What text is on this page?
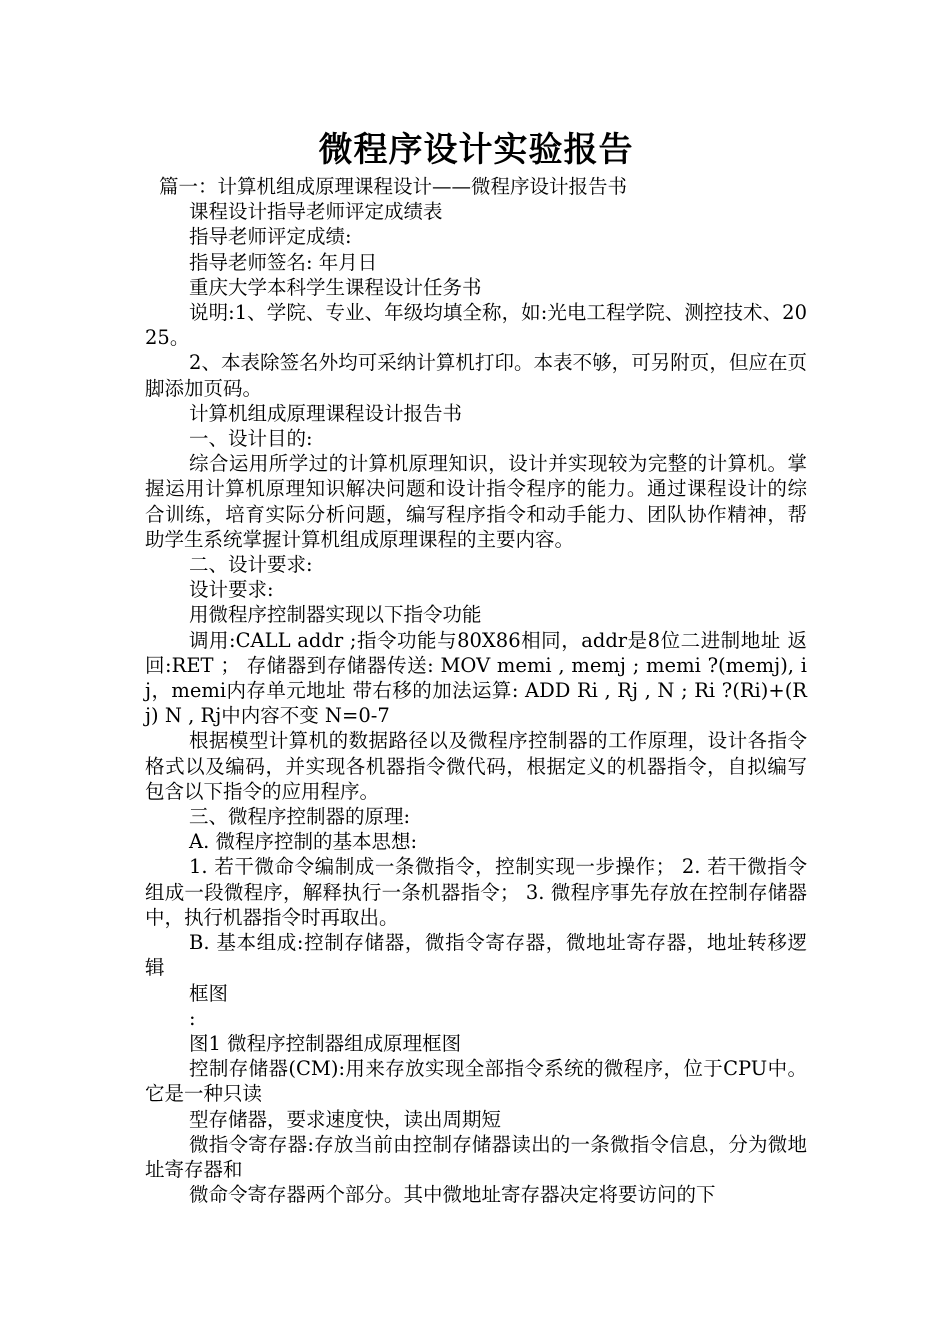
微程序设计实验报告

篇一：计算机组成原理课程设计——微程序设计报告书

课程设计指导老师评定成绩表

指导老师评定成绩:

指导老师签名: 年月日

重庆大学本科学生课程设计任务书

说明:1、学院、专业、年级均填全称，如:光电工程学院、测控技术、2025。

2、本表除签名外均可采纳计算机打印。本表不够，可另附页，但应在页脚添加页码。

计算机组成原理课程设计报告书

一、设计目的:

综合运用所学过的计算机原理知识，设计并实现较为完整的计算机。掌握运用计算机原理知识解决问题和设计指令程序的能力。通过课程设计的综合训练，培育实际分析问题，编写程序指令和动手能力、团队协作精神，帮助学生系统掌握计算机组成原理课程的主要内容。

二、设计要求:

设计要求:

用微程序控制器实现以下指令功能

调用:CALL addr ;指令功能与80X86相同，addr是8位二进制地址 返回:RET ； 存储器到存储器传送: MOV memi , memj ; memi ?(memj), i j，memi内存单元地址 带右移的加法运算: ADD Ri , Rj , N ; Ri ?(Ri)+(Rj) N , Rj中内容不变 N=0-7

根据模型计算机的数据路径以及微程序控制器的工作原理，设计各指令格式以及编码，并实现各机器指令微代码，根据定义的机器指令，自拟编写包含以下指令的应用程序。

三、微程序控制器的原理:

A. 微程序控制的基本思想:

1. 若干微命令编制成一条微指令，控制实现一步操作； 2. 若干微指令组成一段微程序，解释执行一条机器指令； 3. 微程序事先存放在控制存储器中，执行机器指令时再取出。

B. 基本组成:控制存储器，微指令寄存器，微地址寄存器，地址转移逻辑

框图

:

图1 微程序控制器组成原理框图

控制存储器(CM):用来存放实现全部指令系统的微程序，位于CPU中。它是一种只读

型存储器，要求速度快，读出周期短

微指令寄存器:存放当前由控制存储器读出的一条微指令信息，分为微地址寄存器和

微命令寄存器两个部分。其中微地址寄存器决定将要访问的下
